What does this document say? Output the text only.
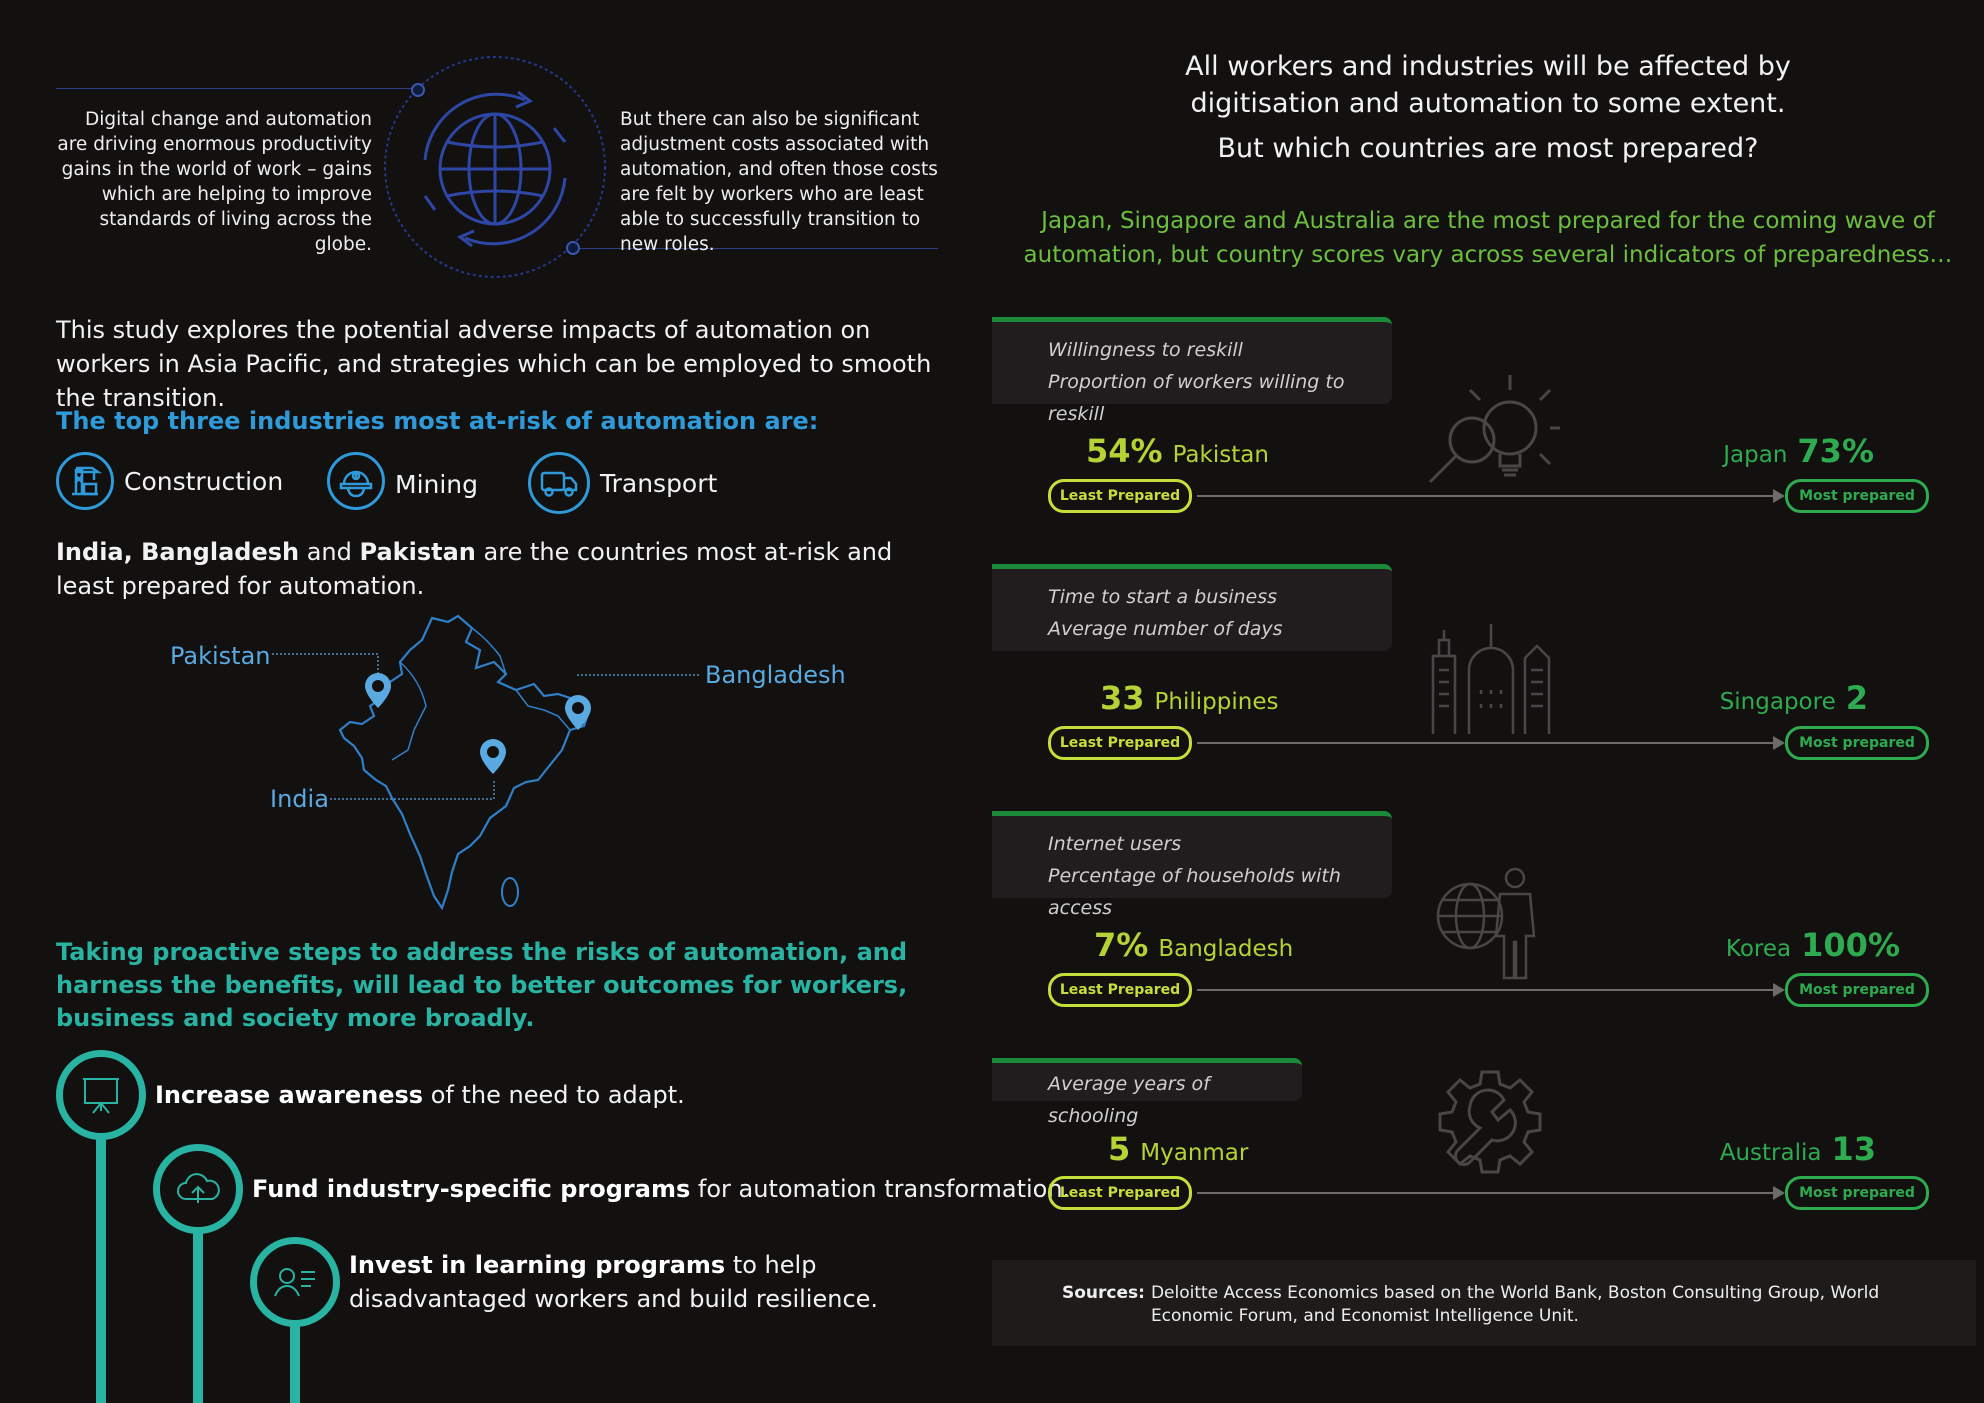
Digital change and automation are driving enormous productivity gains in the world of work – gains which are helping to improve standards of living across the globe.
But there can also be significant adjustment costs associated with automation, and often those costs are felt by workers who are least able to successfully transition to new roles.
This study explores the potential adverse impacts of automation on workers in Asia Pacific, and strategies which can be employed to smooth the transition.
The top three industries most at-risk of automation are:
Construction	Mining	Transport
India, Bangladesh and Pakistan are the countries most at-risk and least prepared for automation.
Pakistan
Bangladesh
India
Taking proactive steps to address the risks of automation, and harness the benefits, will lead to better outcomes for workers, business and society more broadly.
Increase awareness of the need to adapt.
Fund industry-specific programs for automation transformation.
Invest in learning programs to help disadvantaged workers and build resilience.
All workers and industries will be affected by digitisation and automation to some extent.
But which countries are most prepared?
Japan, Singapore and Australia are the most prepared for the coming wave of automation, but country scores vary across several indicators of preparedness…
Willingness to reskill
Proportion of workers willing to reskill
54% Pakistan	Japan 73%
Least Prepared	Most prepared
Time to start a business
Average number of days
33 Philippines	Singapore 2
Least Prepared	Most prepared
Internet users
Percentage of households with access
7% Bangladesh	Korea 100%
Least Prepared	Most prepared
Average years of schooling
5 Myanmar	Australia 13
Least Prepared	Most prepared
Sources: Deloitte Access Economics based on the World Bank, Boston Consulting Group, World Economic Forum, and Economist Intelligence Unit.
